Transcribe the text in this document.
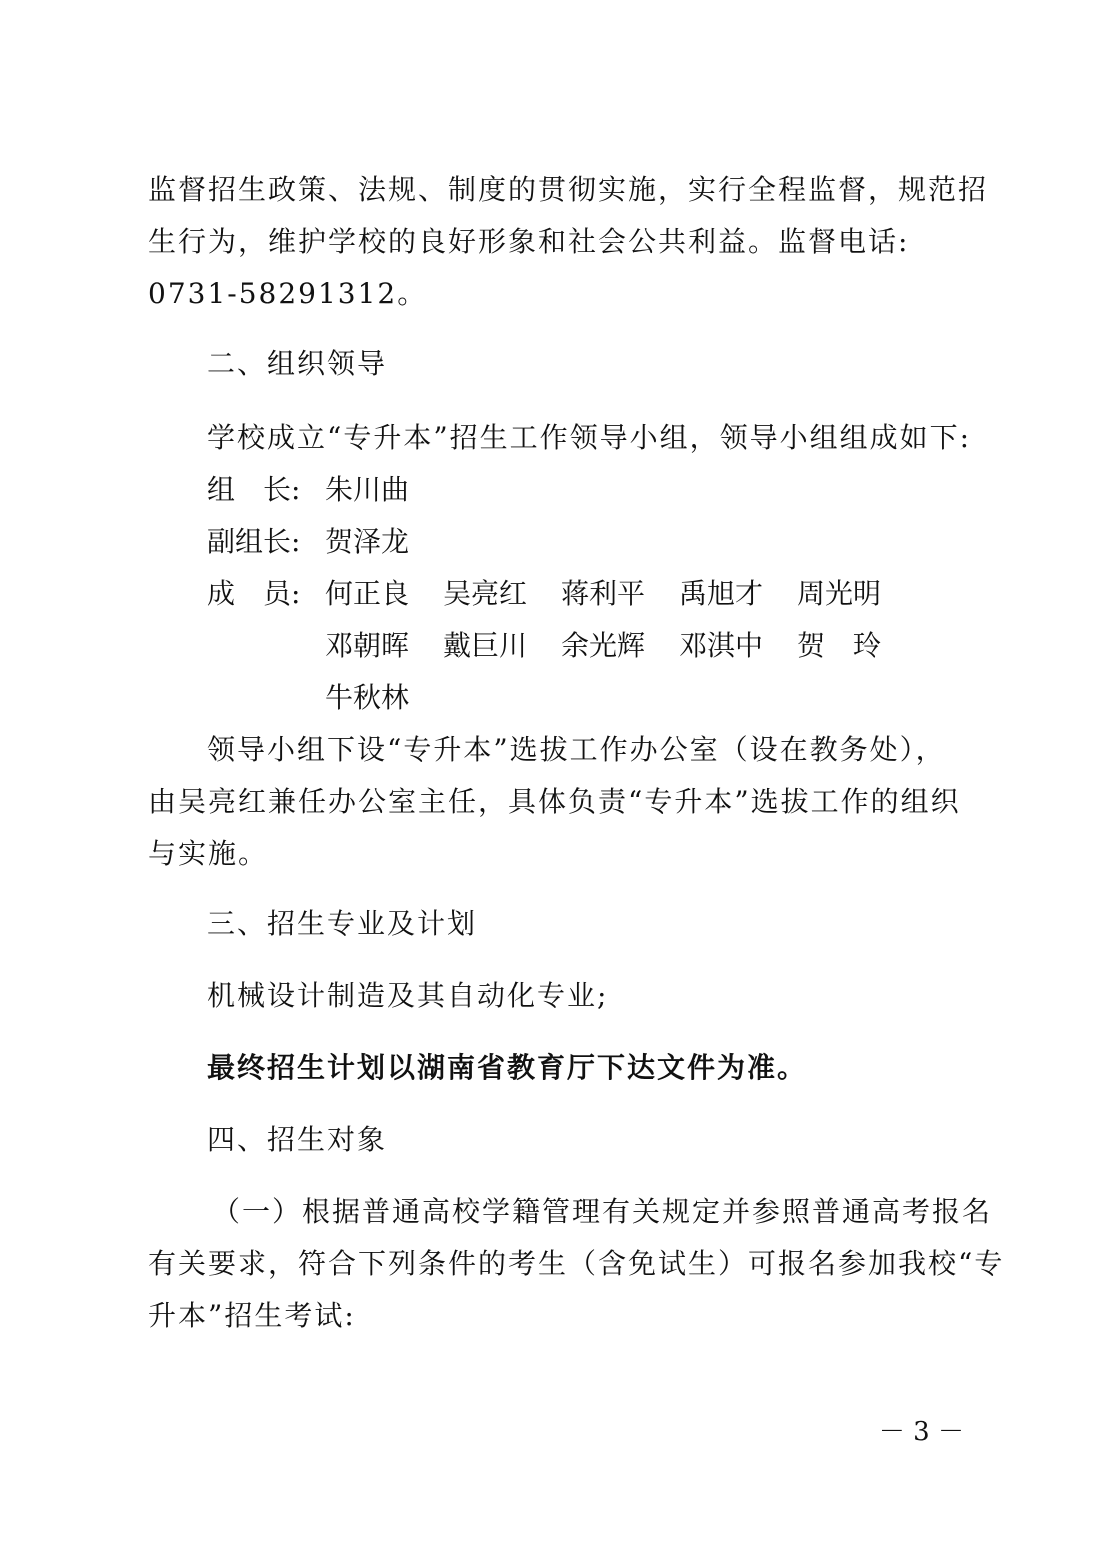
监督招生政策、法规、制度的贯彻实施，实行全程监督，规范招

生行为，维护学校的良好形象和社会公共利益。监督电话:

0731-58291312。

二、组织领导

学校成立“专升本”招生工作领导小组，领导小组组成如下:

组　长: 朱川曲
副组长: 贺泽龙
成　员: 何正良 吴亮红 蒋利平 禹旭才 周光明
邓朝晖 戴巨川 余光辉 邓淇中 贺　玲
牛秋林

领导小组下设“专升本”选拔工作办公室（设在教务处），

由吴亮红兼任办公室主任，具体负责“专升本”选拔工作的组织

与实施。

三、招生专业及计划

机械设计制造及其自动化专业;

最终招生计划以湖南省教育厅下达文件为准。

四、招生对象

（一）根据普通高校学籍管理有关规定并参照普通高考报名

有关要求，符合下列条件的考生（含免试生）可报名参加我校“专

升本”招生考试:

－ 3 －
